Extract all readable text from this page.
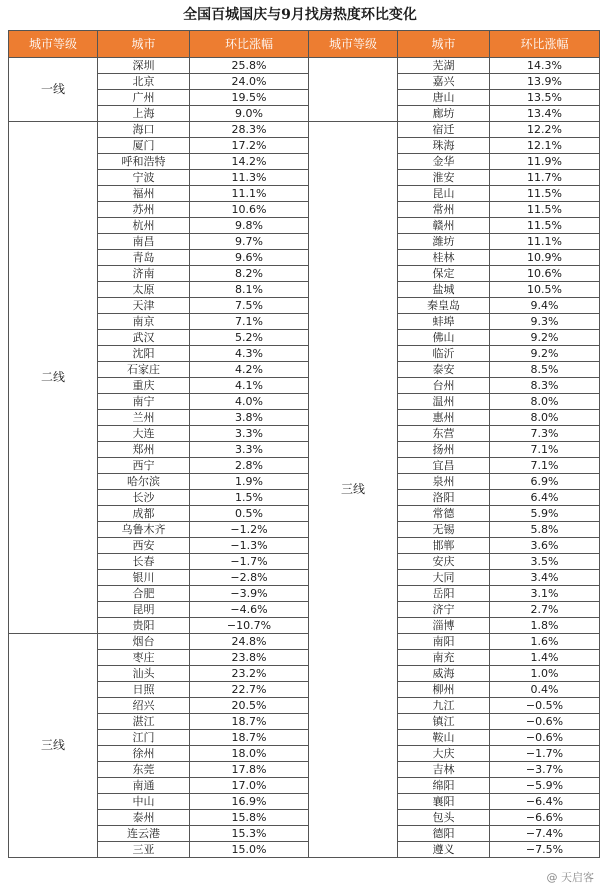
全国百城国庆与9月找房热度环比变化
城市等级	城市	环比涨幅	城市等级	城市	环比涨幅
一线	深圳	25.8%		芜湖	14.3%
	北京	24.0%		嘉兴	13.9%
	广州	19.5%		唐山	13.5%
	上海	9.0%		廊坊	13.4%
二线	海口	28.3%	三线	宿迁	12.2%
	厦门	17.2%		珠海	12.1%
	呼和浩特	14.2%		金华	11.9%
	宁波	11.3%		淮安	11.7%
	福州	11.1%		昆山	11.5%
	苏州	10.6%		常州	11.5%
	杭州	9.8%		赣州	11.5%
	南昌	9.7%		潍坊	11.1%
	青岛	9.6%		桂林	10.9%
	济南	8.2%		保定	10.6%
	太原	8.1%		盐城	10.5%
	天津	7.5%		秦皇岛	9.4%
	南京	7.1%		蚌埠	9.3%
	武汉	5.2%		佛山	9.2%
	沈阳	4.3%		临沂	9.2%
	石家庄	4.2%		泰安	8.5%
	重庆	4.1%		台州	8.3%
	南宁	4.0%		温州	8.0%
	兰州	3.8%		惠州	8.0%
	大连	3.3%		东营	7.3%
	郑州	3.3%		扬州	7.1%
	西宁	2.8%		宜昌	7.1%
	哈尔滨	1.9%		泉州	6.9%
	长沙	1.5%		洛阳	6.4%
	成都	0.5%		常德	5.9%
	乌鲁木齐	−1.2%		无锡	5.8%
	西安	−1.3%		邯郸	3.6%
	长春	−1.7%		安庆	3.5%
	银川	−2.8%		大同	3.4%
	合肥	−3.9%		岳阳	3.1%
	昆明	−4.6%		济宁	2.7%
	贵阳	−10.7%		淄博	1.8%
三线	烟台	24.8%		南阳	1.6%
	枣庄	23.8%		南充	1.4%
	汕头	23.2%		威海	1.0%
	日照	22.7%		柳州	0.4%
	绍兴	20.5%		九江	−0.5%
	湛江	18.7%		镇江	−0.6%
	江门	18.7%		鞍山	−0.6%
	徐州	18.0%		大庆	−1.7%
	东莞	17.8%		吉林	−3.7%
	南通	17.0%		绵阳	−5.9%
	中山	16.9%		襄阳	−6.4%
	泰州	15.8%		包头	−6.6%
	连云港	15.3%		德阳	−7.4%
	三亚	15.0%		遵义	−7.5%
@ 天启客
